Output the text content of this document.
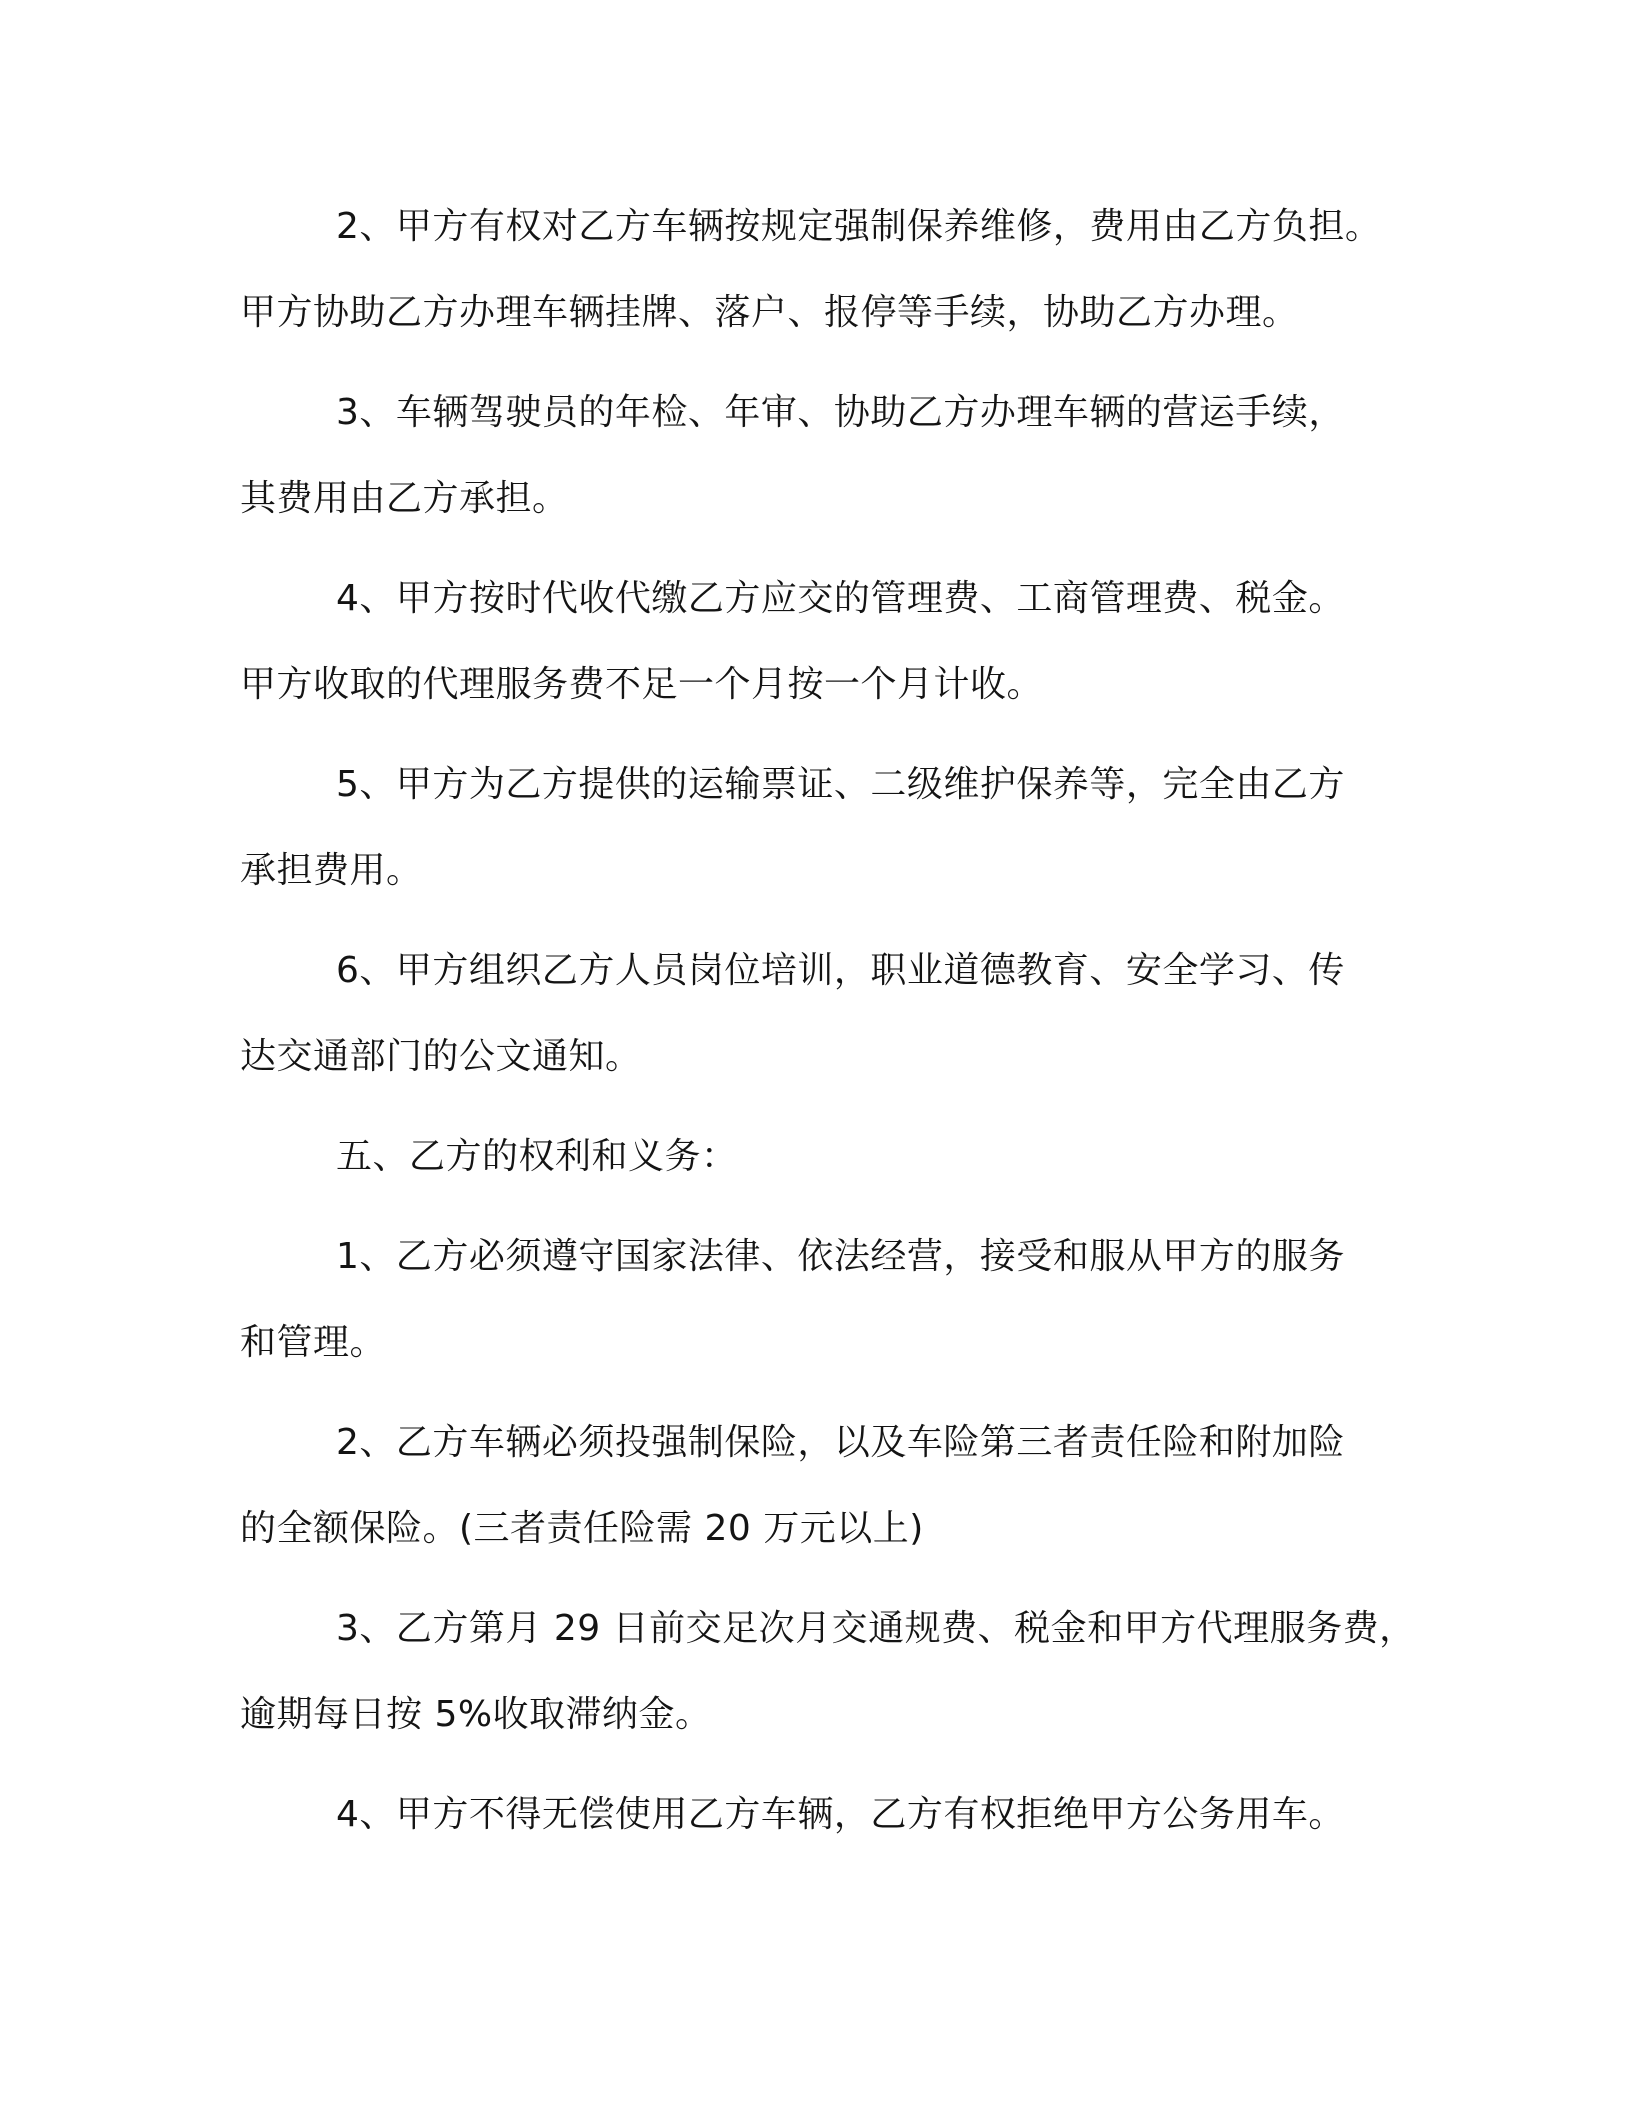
2、甲方有权对乙方车辆按规定强制保养维修，费用由乙方负担。
甲方协助乙方办理车辆挂牌、落户、报停等手续，协助乙方办理。

3、车辆驾驶员的年检、年审、协助乙方办理车辆的营运手续，
其费用由乙方承担。

4、甲方按时代收代缴乙方应交的管理费、工商管理费、税金。
甲方收取的代理服务费不足一个月按一个月计收。

5、甲方为乙方提供的运输票证、二级维护保养等，完全由乙方
承担费用。

6、甲方组织乙方人员岗位培训，职业道德教育、安全学习、传
达交通部门的公文通知。

五、乙方的权利和义务：

1、乙方必须遵守国家法律、依法经营，接受和服从甲方的服务
和管理。

2、乙方车辆必须投强制保险，以及车险第三者责任险和附加险
的全额保险。(三者责任险需 20 万元以上)

3、乙方第月 29 日前交足次月交通规费、税金和甲方代理服务费，
逾期每日按 5%收取滞纳金。

4、甲方不得无偿使用乙方车辆，乙方有权拒绝甲方公务用车。
